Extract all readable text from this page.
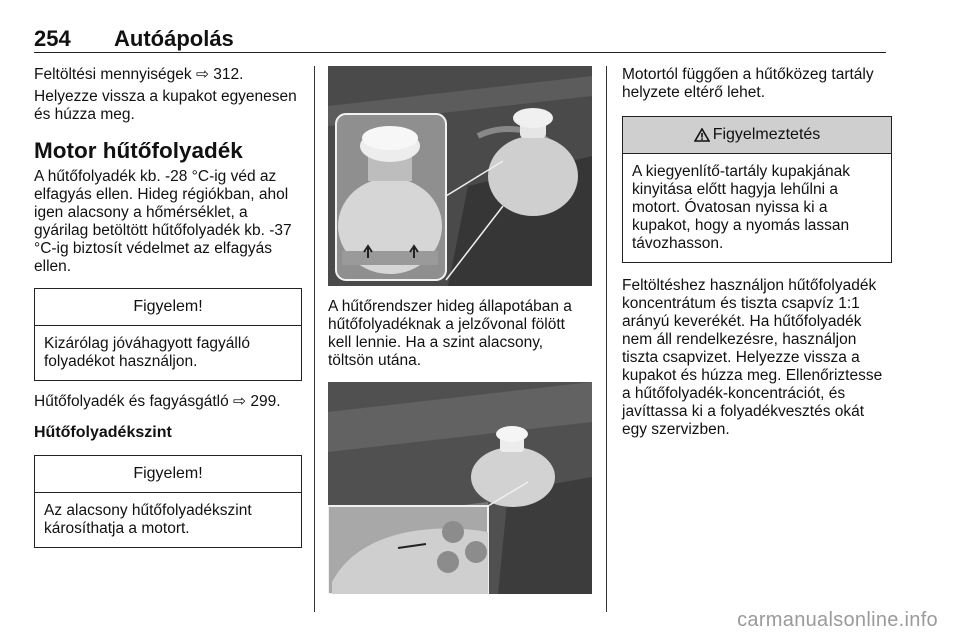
254 Autóápolás

Feltöltési mennyiségek ⇨ 312.

Helyezze vissza a kupakot egyenesen és húzza meg.

Motor hűtőfolyadék

A hűtőfolyadék kb. -28 °C-ig véd az elfagyás ellen. Hideg régiókban, ahol igen alacsony a hőmérséklet, a gyárilag betöltött hűtőfolyadék kb. -37 °C-ig biztosít védelmet az elfagyás ellen.

Figyelem!
Kizárólag jóváhagyott fagyálló folyadékot használjon.

Hűtőfolyadék és fagyásgátló ⇨ 299.

Hűtőfolyadékszint
Figyelem!
Az alacsony hűtőfolyadékszint károsíthatja a motort.

A hűtőrendszer hideg állapotában a hűtőfolyadéknak a jelzővonal fölött kell lennie. Ha a szint alacsony, töltsön utána.

Motortól függően a hűtőközeg tartály helyzete eltérő lehet.

Figyelmeztetés
A kiegyenlítő-tartály kupakjának kinyitása előtt hagyja lehűlni a motort. Óvatosan nyissa ki a kupakot, hogy a nyomás lassan távozhasson.

Feltöltéshez használjon hűtőfolyadék koncentrátum és tiszta csapvíz 1:1 arányú keverékét. Ha hűtőfolyadék nem áll rendelkezésre, használjon tiszta csapvizet. Helyezze vissza a kupakot és húzza meg. Ellenőriztesse a hűtőfolyadék-koncentrációt, és javíttassa ki a folyadékvesztés okát egy szervizben.

carmanualsonline.info
